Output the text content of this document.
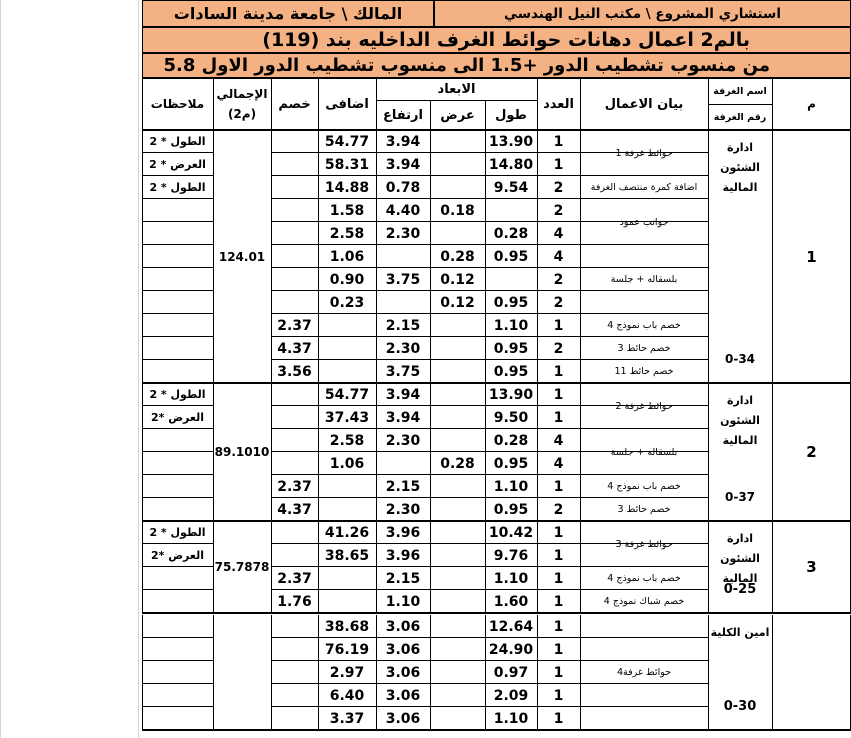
المالك \ جامعة مدينة السادات	استشاري المشروع \ مكتب النيل الهندسي
بالم2 اعمال دهانات حوائط الغرف الداخليه بند (119)
من منسوب تشطيب الدور +1.5 الى منسوب تشطيب الدور الاول 5.8
م
اسم الغرفة
رقم الغرفة
بيان الاعمال
العدد
الابعاد
طول
عرض
ارتفاع
اضافى
خصم
الإجمالي
(م2)
ملاحظات
1
13.90
3.94
54.77
الطول * 2
1
14.80
3.94
58.31
العرض * 2
2
9.54
0.78
14.88
الطول * 2
2
0.18
4.40
1.58
4
0.28
2.30
2.58
4
0.95
0.28
1.06
2
0.12
3.75
0.90
2
0.95
0.12
0.23
1
1.10
2.15
2.37
2
0.95
2.30
4.37
1
0.95
3.75
3.56
حوائط غرفة 1
اضافة كمرة منتصف الغرفة
جوانب عمود
بلسقاله + جلسة
خصم باب نموذج 4
خصم حائط 3
خصم حائط 11
124.01
ادارة الشئون المالية
0-34
1
1
13.90
3.94
54.77
الطول * 2
1
9.50
3.94
37.43
العرض *2
4
0.28
2.30
2.58
4
0.95
0.28
1.06
1
1.10
2.15
2.37
2
0.95
2.30
4.37
حوائط غرفة 2
بلسقاله + جلسة
خصم باب نموذج 4
خصم حائط 3
89.1010
ادارة الشئون المالية
0-37
2
1
10.42
3.96
41.26
الطول * 2
1
9.76
3.96
38.65
العرض *2
1
1.10
2.15
2.37
1
1.60
1.10
1.76
حوائط غرفة 3
خصم باب نموذج 4
خصم شباك نموذج 4
75.7878
ادارة الشئون المالية
0-25
3
1
12.64
3.06
38.68
1
24.90
3.06
76.19
1
0.97
3.06
2.97
1
2.09
3.06
6.40
1
1.10
3.06
3.37
حوائط غرفة4
امين الكلية
0-30
